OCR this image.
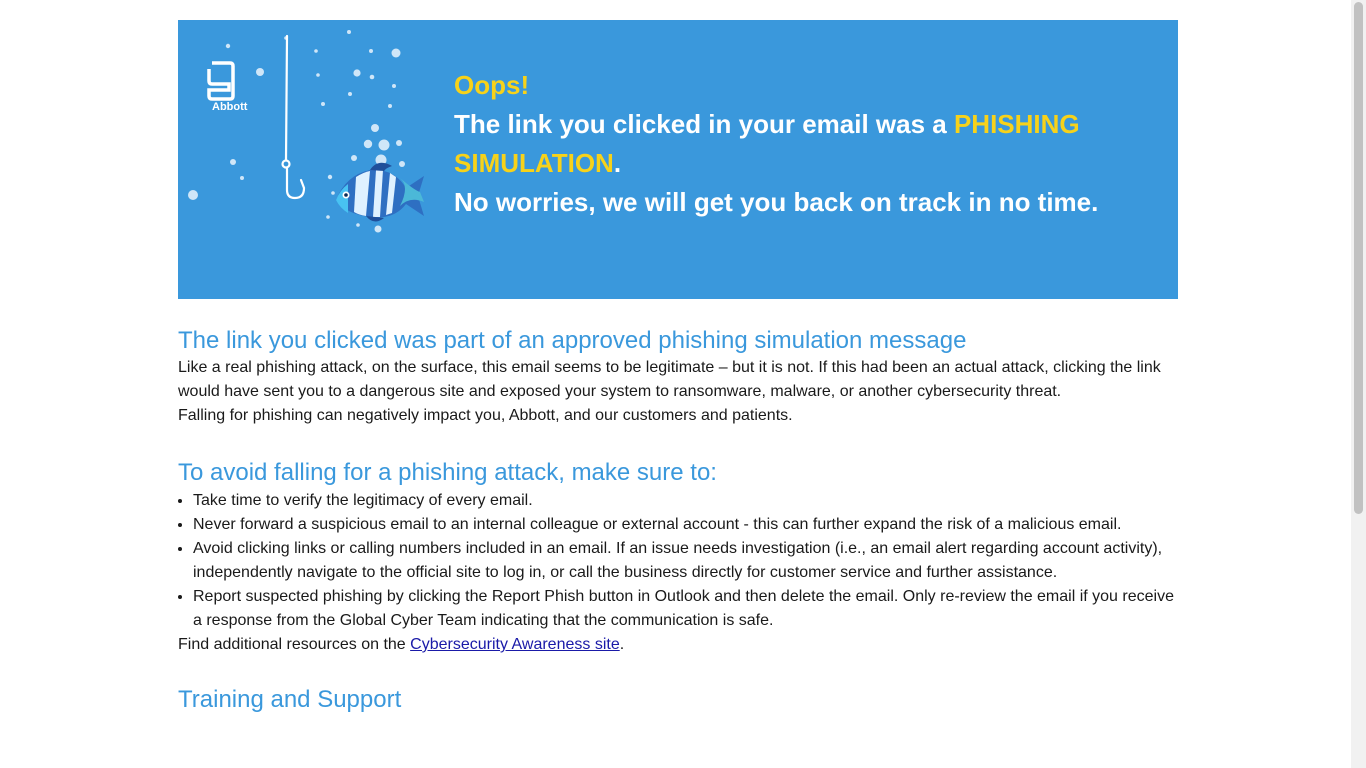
Abbott
Oops!
The link you clicked in your email was a PHISHING SIMULATION.
No worries, we will get you back on track in no time.
The link you clicked was part of an approved phishing simulation message

Like a real phishing attack, on the surface, this email seems to be legitimate – but it is not. If this had been an actual attack, clicking the link would have sent you to a dangerous site and exposed your system to ransomware, malware, or another cybersecurity threat.

Falling for phishing can negatively impact you, Abbott, and our customers and patients.

To avoid falling for a phishing attack, make sure to:
• Take time to verify the legitimacy of every email.
• Never forward a suspicious email to an internal colleague or external account - this can further expand the risk of a malicious email.
• Avoid clicking links or calling numbers included in an email. If an issue needs investigation (i.e., an email alert regarding account activity), independently navigate to the official site to log in, or call the business directly for customer service and further assistance.
• Report suspected phishing by clicking the Report Phish button in Outlook and then delete the email. Only re-review the email if you receive a response from the Global Cyber Team indicating that the communication is safe.

Find additional resources on the Cybersecurity Awareness site.

Training and Support
